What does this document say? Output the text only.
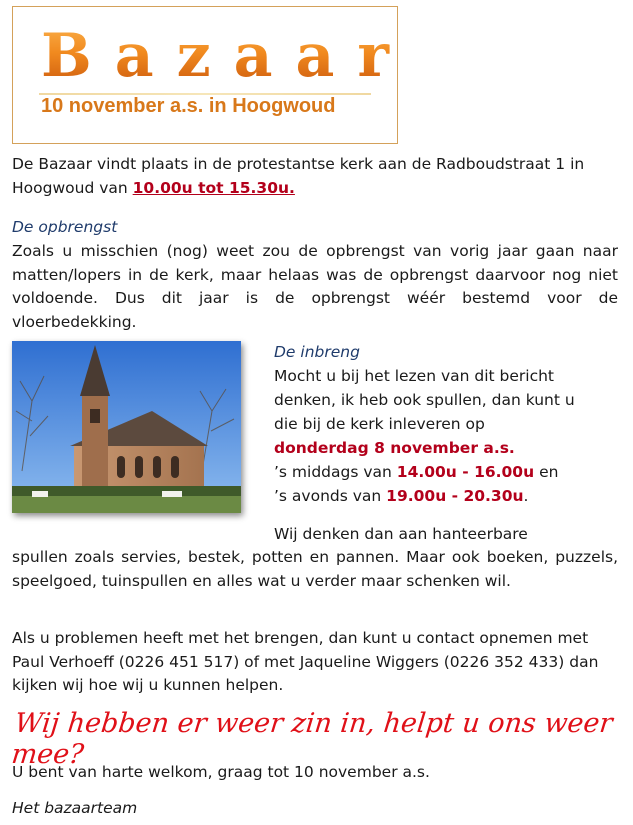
Bazaar
10 november a.s. in Hoogwoud

De Bazaar vindt plaats in de protestantse kerk aan de Radboudstraat 1 in Hoogwoud van 10.00u tot 15.30u.

De opbrengst

Zoals u misschien (nog) weet zou de opbrengst van vorig jaar gaan naar matten/lopers in de kerk, maar helaas was de opbrengst daarvoor nog niet voldoende. Dus dit jaar is de opbrengst wéér bestemd voor de vloerbedekking.

De inbreng

Mocht u bij het lezen van dit bericht

denken, ik heb ook spullen, dan kunt u

die bij de kerk inleveren op

donderdag 8 november a.s.

’s middags van 14.00u - 16.00u en

’s avonds van 19.00u - 20.30u.

Wij denken dan aan hanteerbare

spullen zoals servies, bestek, potten en pannen. Maar ook boeken, puzzels, speelgoed, tuinspullen en alles wat u verder maar schenken wil.

Als u problemen heeft met het brengen, dan kunt u contact opnemen met Paul Verhoeff (0226 451 517) of met Jaqueline Wiggers (0226 352 433) dan kijken wij hoe wij u kunnen helpen.

Wij hebben er weer zin in, helpt u ons weer mee?

U bent van harte welkom, graag tot 10 november a.s.

Het bazaarteam
